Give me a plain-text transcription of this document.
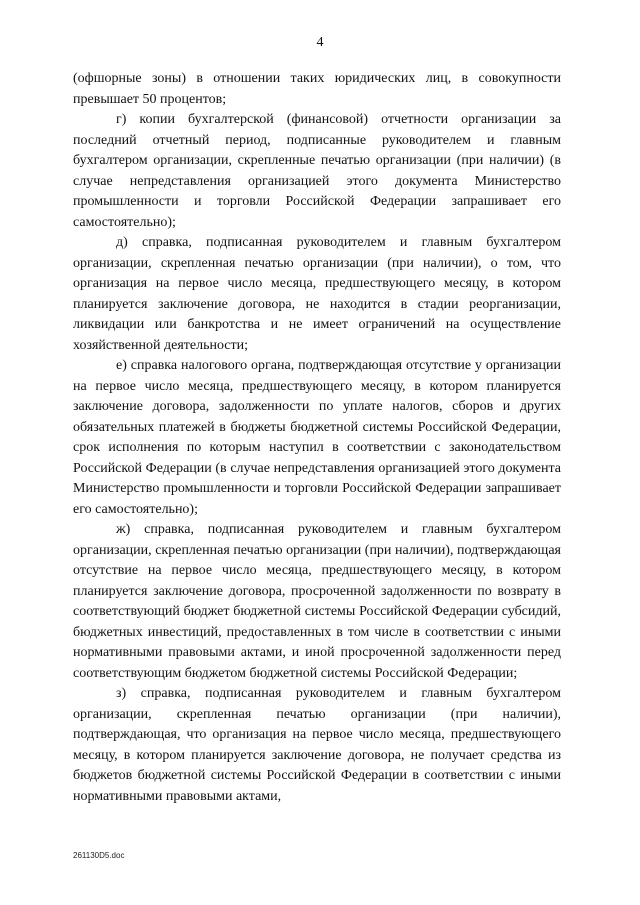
4

(офшорные зоны) в отношении таких юридических лиц, в совокупности превышает 50 процентов;

г) копии бухгалтерской (финансовой) отчетности организации за последний отчетный период, подписанные руководителем и главным бухгалтером организации, скрепленные печатью организации (при наличии) (в случае непредставления организацией этого документа Министерство промышленности и торговли Российской Федерации запрашивает его самостоятельно);

д) справка, подписанная руководителем и главным бухгалтером организации, скрепленная печатью организации (при наличии), о том, что организация на первое число месяца, предшествующего месяцу, в котором планируется заключение договора, не находится в стадии реорганизации, ликвидации или банкротства и не имеет ограничений на осуществление хозяйственной деятельности;

е) справка налогового органа, подтверждающая отсутствие у организации на первое число месяца, предшествующего месяцу, в котором планируется заключение договора, задолженности по уплате налогов, сборов и других обязательных платежей в бюджеты бюджетной системы Российской Федерации, срок исполнения по которым наступил в соответствии с законодательством Российской Федерации (в случае непредставления организацией этого документа Министерство промышленности и торговли Российской Федерации запрашивает его самостоятельно);

ж) справка, подписанная руководителем и главным бухгалтером организации, скрепленная печатью организации (при наличии), подтверждающая отсутствие на первое число месяца, предшествующего месяцу, в котором планируется заключение договора, просроченной задолженности по возврату в соответствующий бюджет бюджетной системы Российской Федерации субсидий, бюджетных инвестиций, предоставленных в том числе в соответствии с иными нормативными правовыми актами, и иной просроченной задолженности перед соответствующим бюджетом бюджетной системы Российской Федерации;

з) справка, подписанная руководителем и главным бухгалтером организации, скрепленная печатью организации (при наличии), подтверждающая, что организация на первое число месяца, предшествующего месяцу, в котором планируется заключение договора, не получает средства из бюджетов бюджетной системы Российской Федерации в соответствии с иными нормативными правовыми актами,

261130D5.doc
